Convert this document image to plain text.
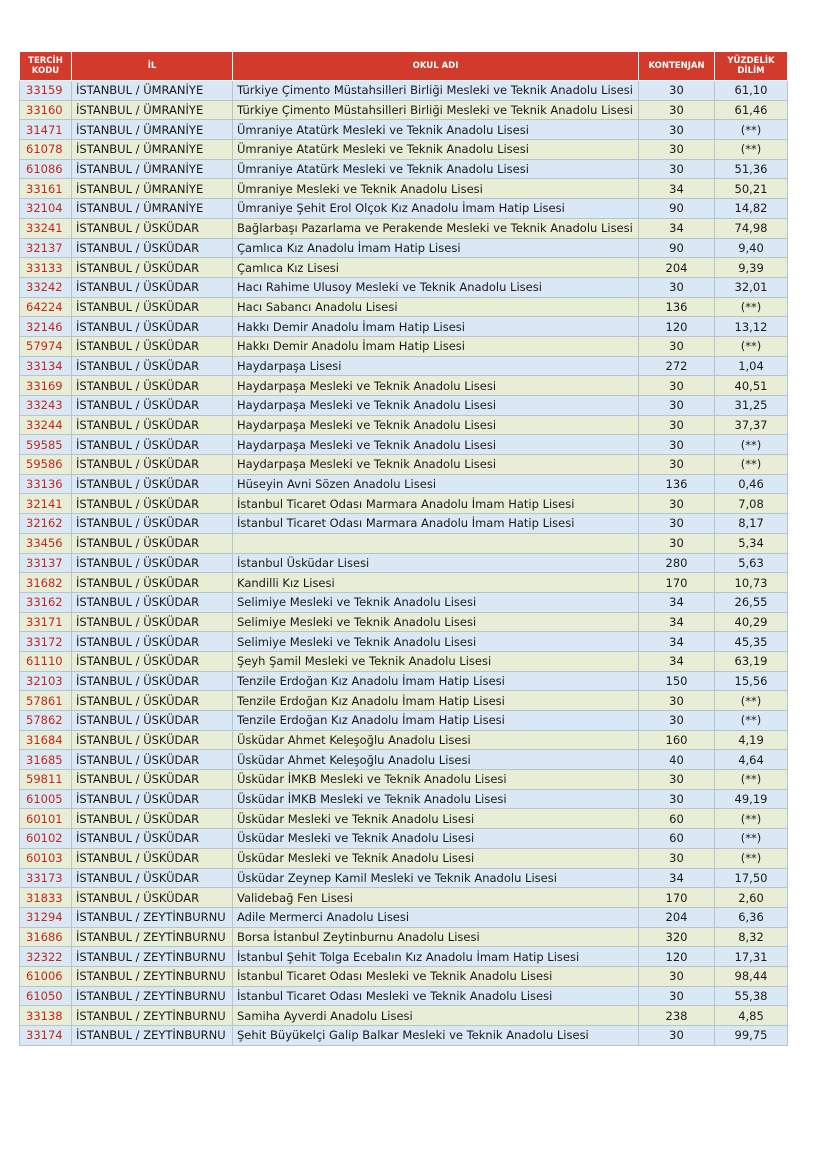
TERCİH KODU	İL	OKUL ADI	KONTENJAN	YÜZDELİK DİLİM
33159	İSTANBUL / ÜMRANİYE	Türkiye Çimento Müstahsilleri Birliği Mesleki ve Teknik Anadolu Lisesi	30	61,10
33160	İSTANBUL / ÜMRANİYE	Türkiye Çimento Müstahsilleri Birliği Mesleki ve Teknik Anadolu Lisesi	30	61,46
31471	İSTANBUL / ÜMRANİYE	Ümraniye Atatürk Mesleki ve Teknik Anadolu Lisesi	30	(**)
61078	İSTANBUL / ÜMRANİYE	Ümraniye Atatürk Mesleki ve Teknik Anadolu Lisesi	30	(**)
61086	İSTANBUL / ÜMRANİYE	Ümraniye Atatürk Mesleki ve Teknik Anadolu Lisesi	30	51,36
33161	İSTANBUL / ÜMRANİYE	Ümraniye Mesleki ve Teknik Anadolu Lisesi	34	50,21
32104	İSTANBUL / ÜMRANİYE	Ümraniye Şehit Erol Olçok Kız Anadolu İmam Hatip Lisesi	90	14,82
33241	İSTANBUL / ÜSKÜDAR	Bağlarbaşı Pazarlama ve Perakende Mesleki ve Teknik Anadolu Lisesi	34	74,98
32137	İSTANBUL / ÜSKÜDAR	Çamlıca Kız Anadolu İmam Hatip Lisesi	90	9,40
33133	İSTANBUL / ÜSKÜDAR	Çamlıca Kız Lisesi	204	9,39
33242	İSTANBUL / ÜSKÜDAR	Hacı Rahime Ulusoy Mesleki ve Teknik Anadolu Lisesi	30	32,01
64224	İSTANBUL / ÜSKÜDAR	Hacı Sabancı Anadolu Lisesi	136	(**)
32146	İSTANBUL / ÜSKÜDAR	Hakkı Demir Anadolu İmam Hatip Lisesi	120	13,12
57974	İSTANBUL / ÜSKÜDAR	Hakkı Demir Anadolu İmam Hatip Lisesi	30	(**)
33134	İSTANBUL / ÜSKÜDAR	Haydarpaşa Lisesi	272	1,04
33169	İSTANBUL / ÜSKÜDAR	Haydarpaşa Mesleki ve Teknik Anadolu Lisesi	30	40,51
33243	İSTANBUL / ÜSKÜDAR	Haydarpaşa Mesleki ve Teknik Anadolu Lisesi	30	31,25
33244	İSTANBUL / ÜSKÜDAR	Haydarpaşa Mesleki ve Teknik Anadolu Lisesi	30	37,37
59585	İSTANBUL / ÜSKÜDAR	Haydarpaşa Mesleki ve Teknik Anadolu Lisesi	30	(**)
59586	İSTANBUL / ÜSKÜDAR	Haydarpaşa Mesleki ve Teknik Anadolu Lisesi	30	(**)
33136	İSTANBUL / ÜSKÜDAR	Hüseyin Avni Sözen Anadolu Lisesi	136	0,46
32141	İSTANBUL / ÜSKÜDAR	İstanbul Ticaret Odası Marmara Anadolu İmam Hatip Lisesi	30	7,08
32162	İSTANBUL / ÜSKÜDAR	İstanbul Ticaret Odası Marmara Anadolu İmam Hatip Lisesi	30	8,17
33456	İSTANBUL / ÜSKÜDAR		30	5,34
33137	İSTANBUL / ÜSKÜDAR	İstanbul Üsküdar Lisesi	280	5,63
31682	İSTANBUL / ÜSKÜDAR	Kandilli Kız Lisesi	170	10,73
33162	İSTANBUL / ÜSKÜDAR	Selimiye Mesleki ve Teknik Anadolu Lisesi	34	26,55
33171	İSTANBUL / ÜSKÜDAR	Selimiye Mesleki ve Teknik Anadolu Lisesi	34	40,29
33172	İSTANBUL / ÜSKÜDAR	Selimiye Mesleki ve Teknik Anadolu Lisesi	34	45,35
61110	İSTANBUL / ÜSKÜDAR	Şeyh Şamil Mesleki ve Teknik Anadolu Lisesi	34	63,19
32103	İSTANBUL / ÜSKÜDAR	Tenzile Erdoğan Kız Anadolu İmam Hatip Lisesi	150	15,56
57861	İSTANBUL / ÜSKÜDAR	Tenzile Erdoğan Kız Anadolu İmam Hatip Lisesi	30	(**)
57862	İSTANBUL / ÜSKÜDAR	Tenzile Erdoğan Kız Anadolu İmam Hatip Lisesi	30	(**)
31684	İSTANBUL / ÜSKÜDAR	Üsküdar Ahmet Keleşoğlu Anadolu Lisesi	160	4,19
31685	İSTANBUL / ÜSKÜDAR	Üsküdar Ahmet Keleşoğlu Anadolu Lisesi	40	4,64
59811	İSTANBUL / ÜSKÜDAR	Üsküdar İMKB Mesleki ve Teknik Anadolu Lisesi	30	(**)
61005	İSTANBUL / ÜSKÜDAR	Üsküdar İMKB Mesleki ve Teknik Anadolu Lisesi	30	49,19
60101	İSTANBUL / ÜSKÜDAR	Üsküdar Mesleki ve Teknik Anadolu Lisesi	60	(**)
60102	İSTANBUL / ÜSKÜDAR	Üsküdar Mesleki ve Teknik Anadolu Lisesi	60	(**)
60103	İSTANBUL / ÜSKÜDAR	Üsküdar Mesleki ve Teknik Anadolu Lisesi	30	(**)
33173	İSTANBUL / ÜSKÜDAR	Üsküdar Zeynep Kamil Mesleki ve Teknik Anadolu Lisesi	34	17,50
31833	İSTANBUL / ÜSKÜDAR	Validebağ Fen Lisesi	170	2,60
31294	İSTANBUL / ZEYTİNBURNU	Adile Mermerci Anadolu Lisesi	204	6,36
31686	İSTANBUL / ZEYTİNBURNU	Borsa İstanbul Zeytinburnu Anadolu Lisesi	320	8,32
32322	İSTANBUL / ZEYTİNBURNU	İstanbul Şehit Tolga Ecebalın Kız Anadolu İmam Hatip Lisesi	120	17,31
61006	İSTANBUL / ZEYTİNBURNU	İstanbul Ticaret Odası Mesleki ve Teknik Anadolu Lisesi	30	98,44
61050	İSTANBUL / ZEYTİNBURNU	İstanbul Ticaret Odası Mesleki ve Teknik Anadolu Lisesi	30	55,38
33138	İSTANBUL / ZEYTİNBURNU	Samiha Ayverdi Anadolu Lisesi	238	4,85
33174	İSTANBUL / ZEYTİNBURNU	Şehit Büyükelçi Galip Balkar Mesleki ve Teknik Anadolu Lisesi	30	99,75
